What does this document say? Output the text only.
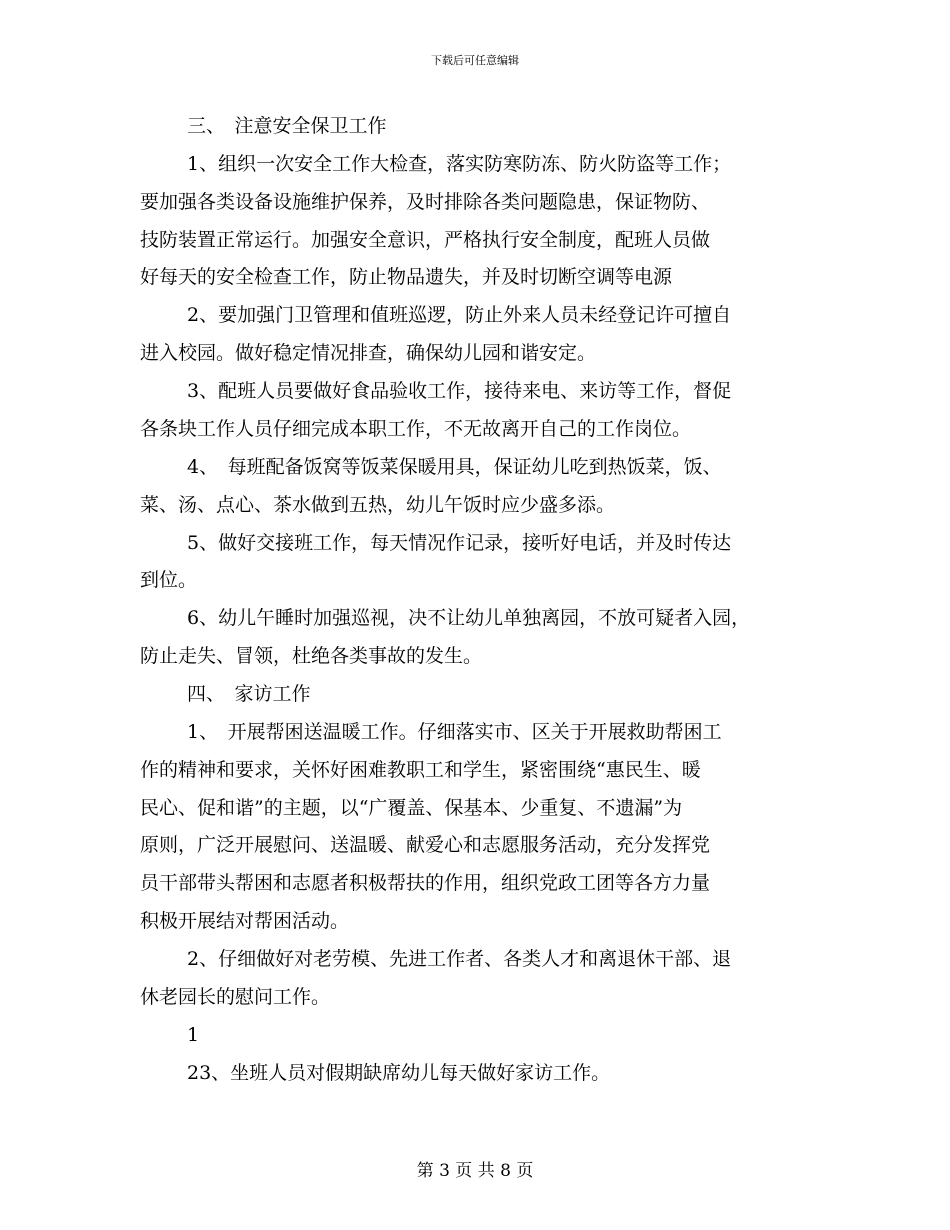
下载后可任意编辑
三、　注意安全保卫工作
1、组织一次安全工作大检查，落实防寒防冻、防火防盗等工作；
要加强各类设备设施维护保养，及时排除各类问题隐患，保证物防、
技防装置正常运行。加强安全意识，严格执行安全制度，配班人员做
好每天的安全检查工作，防止物品遗失，并及时切断空调等电源
2、要加强门卫管理和值班巡逻，防止外来人员未经登记许可擅自
进入校园。做好稳定情况排查，确保幼儿园和谐安定。
3、配班人员要做好食品验收工作，接待来电、来访等工作，督促
各条块工作人员仔细完成本职工作，不无故离开自己的工作岗位。
4、　每班配备饭窝等饭菜保暖用具，保证幼儿吃到热饭菜，饭、
菜、汤、点心、茶水做到五热，幼儿午饭时应少盛多添。
5、做好交接班工作，每天情况作记录，接听好电话，并及时传达
到位。
6、幼儿午睡时加强巡视，决不让幼儿单独离园，不放可疑者入园，
防止走失、冒领，杜绝各类事故的发生。
四、　家访工作
1、　开展帮困送温暖工作。仔细落实市、区关于开展救助帮困工
作的精神和要求，关怀好困难教职工和学生，紧密围绕“惠民生、暖
民心、促和谐”的主题，以“广覆盖、保基本、少重复、不遗漏”为
原则，广泛开展慰问、送温暖、献爱心和志愿服务活动，充分发挥党
员干部带头帮困和志愿者积极帮扶的作用，组织党政工团等各方力量
积极开展结对帮困活动。
2、仔细做好对老劳模、先进工作者、各类人才和离退休干部、退
休老园长的慰问工作。
1
23、坐班人员对假期缺席幼儿每天做好家访工作。
第 3 页 共 8 页
